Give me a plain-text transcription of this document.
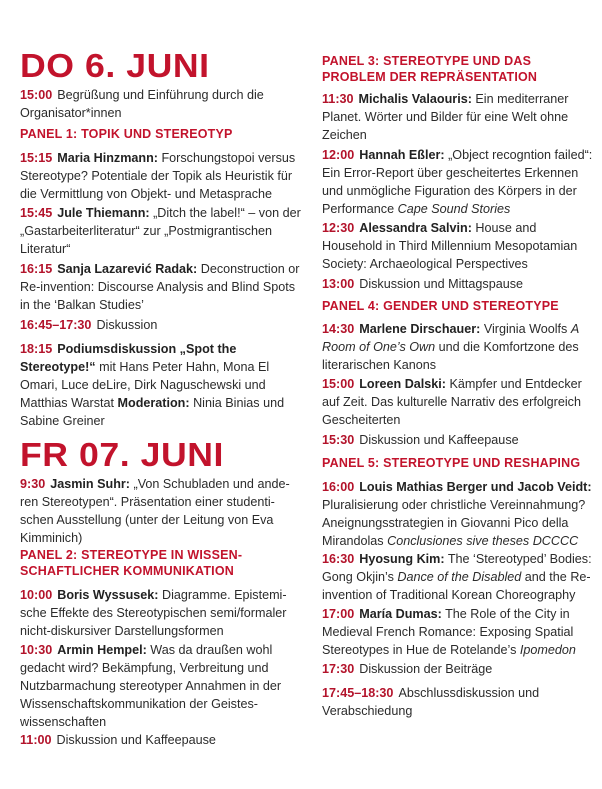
DO 6. JUNI

15:00 Begrüßung und Einführung durch die Organisator*innen

PANEL 1: TOPIK UND STEREOTYP

15:15 Maria Hinzmann: Forschungstopoi versus Stereotype? Potentiale der Topik als Heuristik für die Vermittlung von Objekt- und Metasprache

15:45 Jule Thiemann: „Ditch the label!“ – von der „Gastarbeiterliteratur“ zur „Postmigrantischen Literatur“

16:15 Sanja Lazarević Radak: Deconstruction or Re-invention: Discourse Analysis and Blind Spots in the ‘Balkan Studies’

16:45–17:30 Diskussion

18:15 Podiumsdiskussion „Spot the Stereotype!“ mit Hans Peter Hahn, Mona El Omari, Luce deLire, Dirk Naguschewski und Matthias Warstat Moderation: Ninia Binias und Sabine Greiner

FR 07. JUNI

9:30 Jasmin Suhr: „Von Schubladen und anderen Stereotypen“. Präsentation einer studentischen Ausstellung (unter der Leitung von Eva Kimminich)

PANEL 2: STEREOTYPE IN WISSENSCHAFTLICHER KOMMUNIKATION

10:00 Boris Wyssusek: Diagramme. Epistemische Effekte des Stereotypischen semi/formaler nicht-diskursiver Darstellungsformen

10:30 Armin Hempel: Was da draußen wohl gedacht wird? Bekämpfung, Verbreitung und Nutzbarmachung stereotyper Annahmen in der Wissenschaftskommunikation der Geisteswissenschaften

11:00 Diskussion und Kaffeepause

PANEL 3: STEREOTYPE UND DAS PROBLEM DER REPRÄSENTATION

11:30 Michalis Valaouris: Ein mediterraner Planet. Wörter und Bilder für eine Welt ohne Zeichen

12:00 Hannah Eßler: „Object recogntion failed“: Ein Error-Report über gescheitertes Erkennen und unmögliche Figuration des Körpers in der Performance Cape Sound Stories

12:30 Alessandra Salvin: House and Household in Third Millennium Mesopotamian Society: Archaeological Perspectives

13:00 Diskussion und Mittagspause

PANEL 4: GENDER UND STEREOTYPE

14:30 Marlene Dirschauer: Virginia Woolfs A Room of One’s Own und die Komfortzone des literarischen Kanons

15:00 Loreen Dalski: Kämpfer und Entdecker auf Zeit. Das kulturelle Narrativ des erfolgreich Gescheiterten

15:30 Diskussion und Kaffeepause

PANEL 5: STEREOTYPE UND RESHAPING

16:00 Louis Mathias Berger und Jacob Veidt: Pluralisierung oder christliche Vereinnahmung? Aneignungsstrategien in Giovanni Pico della Mirandolas Conclusiones sive theses DCCCC

16:30 Hyosung Kim: The ‘Stereotyped’ Bodies: Gong Okjin’s Dance of the Disabled and the Reinvention of Traditional Korean Choreography

17:00 María Dumas: The Role of the City in Medieval French Romance: Exposing Spatial Stereotypes in Hue de Rotelande’s Ipomedon

17:30 Diskussion der Beiträge

17:45–18:30 Abschlussdiskussion und Verabschiedung
